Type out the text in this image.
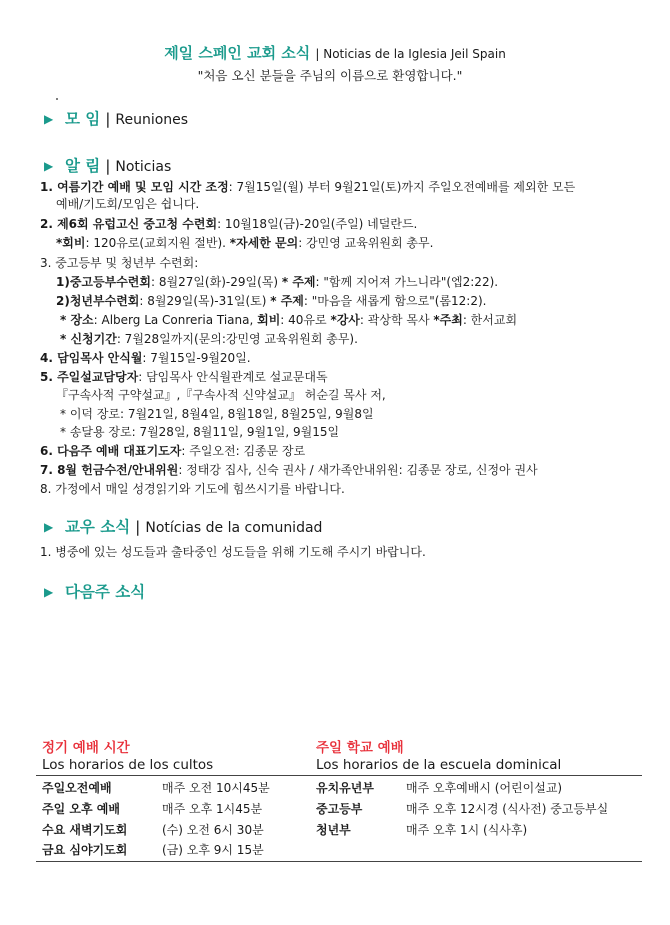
제일 스페인 교회 소식 | Noticias de la Iglesia Jeil Spain
"처음 오신 분들을 주님의 이름으로 환영합니다."
▶ 모 임 | Reuniones
▶ 알 림 | Noticias
1. 여름기간 예배 및 모임 시간 조정: 7월15일(월) 부터 9월21일(토)까지 주일오전예배를 제외한 모든
예배/기도회/모임은 쉽니다.
2. 제6회 유럽고신 중고청 수련회: 10월18일(금)-20일(주일) 네덜란드.
*회비: 120유로(교회지원 절반). *자세한 문의: 강민영 교육위원회 총무.
3. 중고등부 및 청년부 수련회:
1)중고등부수련회: 8월27일(화)-29일(목) * 주제: "함께 지어져 가느니라"(엡2:22).
2)청년부수련회: 8월29일(목)-31일(토) * 주제: "마음을 새롭게 함으로"(롬12:2).
* 장소: Alberg La Conreria Tiana, 회비: 40유로 *강사: 곽상학 목사 *주최: 한서교회
* 신청기간: 7월28일까지(문의:강민영 교육위원회 총무).
4. 담임목사 안식월: 7월15일-9월20일.
5. 주일설교담당자: 담임목사 안식월관계로 설교문대독
『구속사적 구약설교』,『구속사적 신약설교』 허순길 목사 저,
* 이덕 장로: 7월21일, 8월4일, 8월18일, 8월25일, 9월8일
* 송달용 장로: 7월28일, 8월11일, 9월1일, 9월15일
6. 다음주 예배 대표기도자: 주일오전: 김종문 장로
7. 8월 헌금수전/안내위원: 정태강 집사, 신숙 권사 / 새가족안내위원: 김종문 장로, 신정아 권사
8. 가정에서 매일 성경읽기와 기도에 힘쓰시기를 바랍니다.
▶ 교우 소식 | Notícias de la comunidad
1. 병중에 있는 성도들과 출타중인 성도들을 위해 기도해 주시기 바랍니다.
▶ 다음주 소식
정기 예배 시간
Los horarios de los cultos
주일 학교 예배
Los horarios de la escuela dominical
주일오전예배	매주 오전 10시45분
주일 오후 예배	매주 오후 1시45분
수요 새벽기도회	(수) 오전 6시 30분
금요 심야기도회	(금) 오후 9시 15분
유치유년부	매주 오후예배시 (어린이설교)
중고등부	매주 오후 12시경 (식사전) 중고등부실
청년부	매주 오후 1시 (식사후)
